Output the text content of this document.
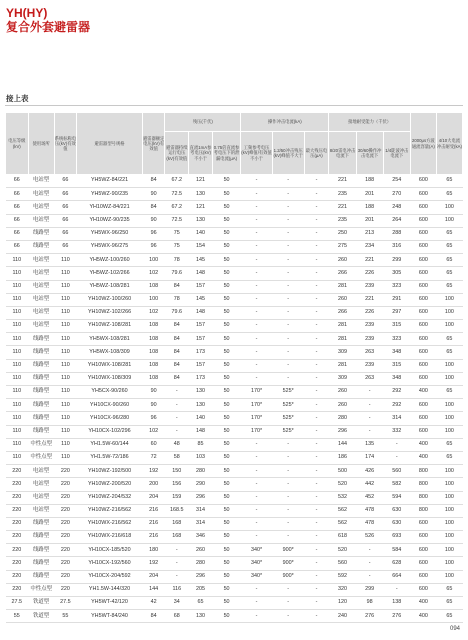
YH(HY)
复合外套避雷器
接上表
电压等级(kV)	使用场所	系统标称电压(kV)有效值	避雷器型号规格	避雷器额定电压(kV)有效值	残压(千伏)			操作冲击电流(kA)			接地耐受能力（千伏）			2000μs方波通流容量(A)	4/10大电流冲击耐受(kA)
					避雷器持续运行电压(kV)有效值	直流1mA参考电压(kV)不小于	0.75倍直流参考电压下的泄漏电流(μA)	工频参考电压(kV)峰值/有效值不小于	1.2/50冲击残压(kV)峰值不大于	最大残压电压(μA)	8/20雷电冲击电流下	30/60操作冲击电流下	1/4陡波冲击电流下		
66	电站型	66	YH5WZ-84/221	84	67.2	121	50	-	-	-	221	188	254	600	65
66	电站型	66	YH5WZ-90/235	90	72.5	130	50	-	-	-	235	201	270	600	65
66	电站型	66	YH10WZ-84/221	84	67.2	121	50	-	-	-	221	188	248	600	100
66	电站型	66	YH10WZ-90/235	90	72.5	130	50	-	-	-	235	201	264	600	100
66	线路型	66	YH5WX-96/250	96	75	140	50	-	-	-	250	213	288	600	65
66	线路型	66	YH5WX-96/275	96	75	154	50	-	-	-	275	234	316	600	65
110	电站型	110	YH5WZ-100/260	100	78	145	50	-	-	-	260	221	299	600	65
110	电站型	110	YH5WZ-102/266	102	79.6	148	50	-	-	-	266	226	305	600	65
110	电站型	110	YH5WZ-108/281	108	84	157	50	-	-	-	281	239	323	600	65
110	电站型	110	YH10WZ-100/260	100	78	145	50	-	-	-	260	221	291	600	100
110	电站型	110	YH10WZ-102/266	102	79.6	148	50	-	-	-	266	226	297	600	100
110	电站型	110	YH10WZ-108/281	108	84	157	50	-	-	-	281	239	315	600	100
110	线路型	110	YH5WX-108/281	108	84	157	50	-	-	-	281	239	323	600	65
110	线路型	110	YH5WX-108/309	108	84	173	50	-	-	-	309	263	348	600	65
110	线路型	110	YH10WX-108/281	108	84	157	50	-	-	-	281	239	315	600	100
110	线路型	110	YH10WX-108/309	108	84	173	50	-	-	-	309	263	348	600	100
110	线路型	110	YH5CX-90/260	90	-	130	50	170*	525*	-	260	-	292	400	65
110	线路型	110	YH10CX-90/260	90	-	130	50	170*	525*	-	260	-	292	600	100
110	线路型	110	YH10CX-96/280	96	-	140	50	170*	525*	-	280	-	314	600	100
110	线路型	110	YH10CX-102/296	102	-	148	50	170*	525*	-	296	-	332	600	100
110	中性点型	110	YH1.5W-60/144	60	48	85	50	-	-	-	144	135	-	400	65
110	中性点型	110	YH1.5W-72/186	72	58	103	50	-	-	-	186	174	-	400	65
220	电站型	220	YH10WZ-192/500	192	150	280	50	-	-	-	500	426	560	800	100
220	电站型	220	YH10WZ-200/520	200	156	290	50	-	-	-	520	442	582	800	100
220	电站型	220	YH10WZ-204/532	204	159	296	50	-	-	-	532	452	594	800	100
220	电站型	220	YH10WZ-216/562	216	168.5	314	50	-	-	-	562	478	630	800	100
220	线路型	220	YH10WX-216/562	216	168	314	50	-	-	-	562	478	630	600	100
220	线路型	220	YH10WX-216/618	216	168	346	50	-	-	-	618	526	693	600	100
220	线路型	220	YH10CX-185/520	180	-	260	50	340*	900*	-	520	-	584	600	100
220	线路型	220	YH10CX-192/560	192	-	280	50	340*	900*	-	560	-	628	600	100
220	线路型	220	YH10CX-204/592	204	-	296	50	340*	900*	-	592	-	664	600	100
220	中性点型	220	YH1.5W-144/320	144	116	205	50	-	-	-	320	299	-	600	65
27.5	铁道型	27.5	YH5WT-42/120	42	34	65	50	-	-	-	120	98	138	400	65
55	铁道型	55	YH5WT-84/240	84	68	130	50	-	-	-	240	276	276	400	65
094
